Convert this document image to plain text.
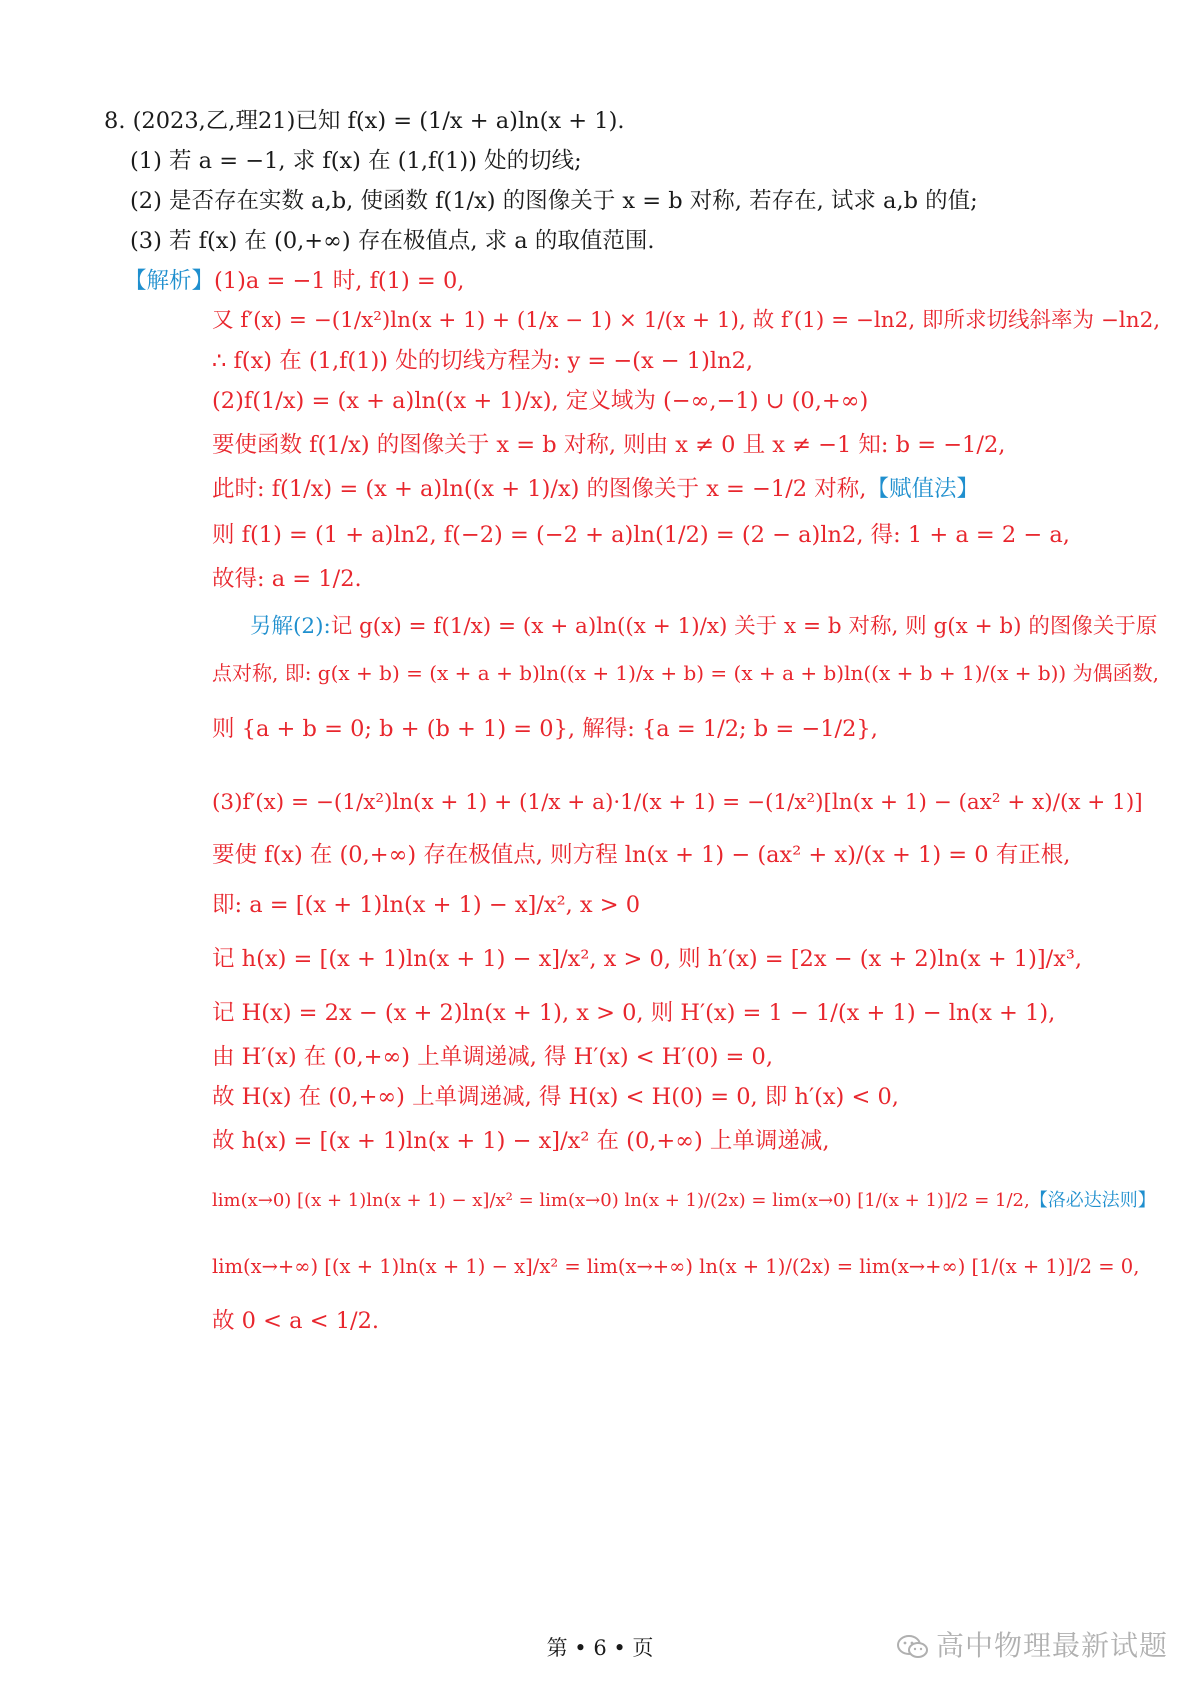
8. (2023,乙,理21)已知 f(x) = (1/x + a)ln(x + 1).
(1) 若 a = −1, 求 f(x) 在 (1,f(1)) 处的切线;
(2) 是否存在实数 a,b, 使函数 f(1/x) 的图像关于 x = b 对称, 若存在, 试求 a,b 的值;
(3) 若 f(x) 在 (0,+∞) 存在极值点, 求 a 的取值范围.
【解析】(1)a = −1 时, f(1) = 0,
又 f′(x) = −(1/x²)ln(x + 1) + (1/x − 1) × 1/(x + 1), 故 f′(1) = −ln2, 即所求切线斜率为 −ln2,
∴ f(x) 在 (1,f(1)) 处的切线方程为: y = −(x − 1)ln2,
(2)f(1/x) = (x + a)ln((x + 1)/x), 定义域为 (−∞,−1) ∪ (0,+∞)
要使函数 f(1/x) 的图像关于 x = b 对称, 则由 x ≠ 0 且 x ≠ −1 知: b = −1/2,
此时: f(1/x) = (x + a)ln((x + 1)/x) 的图像关于 x = −1/2 对称,【赋值法】
则 f(1) = (1 + a)ln2, f(−2) = (−2 + a)ln(1/2) = (2 − a)ln2, 得: 1 + a = 2 − a,
故得: a = 1/2.
另解(2):记 g(x) = f(1/x) = (x + a)ln((x + 1)/x) 关于 x = b 对称, 则 g(x + b) 的图像关于原
点对称, 即: g(x + b) = (x + a + b)ln((x + 1)/x + b) = (x + a + b)ln((x + b + 1)/(x + b)) 为偶函数,
则 {a + b = 0; b + (b + 1) = 0}, 解得: {a = 1/2; b = −1/2},
(3)f′(x) = −(1/x²)ln(x + 1) + (1/x + a)·1/(x + 1) = −(1/x²)[ln(x + 1) − (ax² + x)/(x + 1)]
要使 f(x) 在 (0,+∞) 存在极值点, 则方程 ln(x + 1) − (ax² + x)/(x + 1) = 0 有正根,
即: a = [(x + 1)ln(x + 1) − x]/x², x > 0
记 h(x) = [(x + 1)ln(x + 1) − x]/x², x > 0, 则 h′(x) = [2x − (x + 2)ln(x + 1)]/x³,
记 H(x) = 2x − (x + 2)ln(x + 1), x > 0, 则 H′(x) = 1 − 1/(x + 1) − ln(x + 1),
由 H′(x) 在 (0,+∞) 上单调递减, 得 H′(x) < H′(0) = 0,
故 H(x) 在 (0,+∞) 上单调递减, 得 H(x) < H(0) = 0, 即 h′(x) < 0,
故 h(x) = [(x + 1)ln(x + 1) − x]/x² 在 (0,+∞) 上单调递减,
lim(x→0) [(x + 1)ln(x + 1) − x]/x² = lim(x→0) ln(x + 1)/(2x) = lim(x→0) [1/(x + 1)]/2 = 1/2,【洛必达法则】
lim(x→+∞) [(x + 1)ln(x + 1) − x]/x² = lim(x→+∞) ln(x + 1)/(2x) = lim(x→+∞) [1/(x + 1)]/2 = 0,
故 0 < a < 1/2.
第 • 6 • 页	高中物理最新试题
